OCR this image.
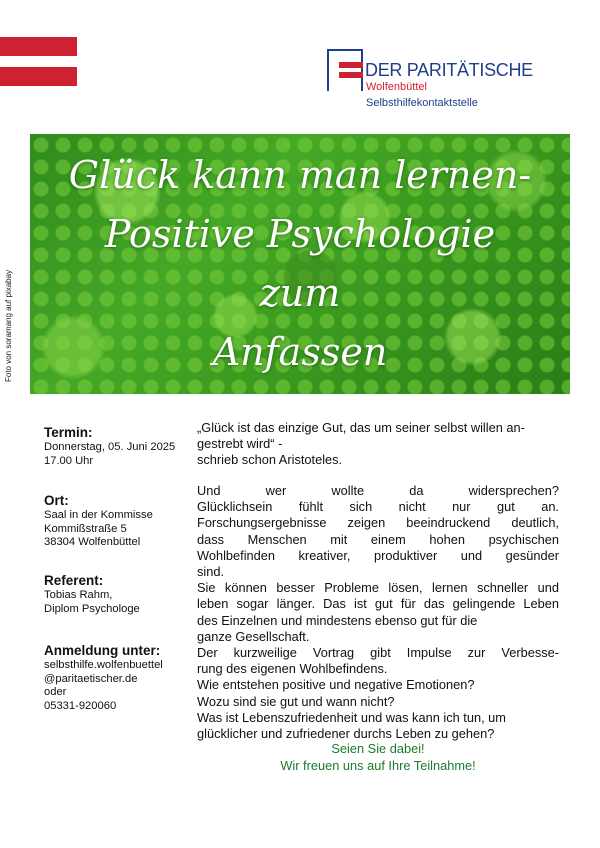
DER PARITÄTISCHE
Wolfenbüttel
Selbsthilfekontaktstelle
Foto von soramang auf pixabay
Glück kann man lernen-
Positive Psychologie
zum
Anfassen
Termin:
Donnerstag, 05. Juni 2025
17.00 Uhr
Ort:
Saal in der Kommisse
Kommißstraße 5
38304 Wolfenbüttel
Referent:
Tobias Rahm,
Diplom Psychologe
Anmeldung unter:
selbsthilfe.wolfenbuettel
@paritaetischer.de
oder
05331-920060
„Glück ist das einzige Gut, das um seiner selbst willen an-
gestrebt wird“ -
schrieb schon Aristoteles.
Und wer wollte da widersprechen?
Glücklichsein fühlt sich nicht nur gut an.
Forschungsergebnisse zeigen beeindruckend deutlich,
dass Menschen mit einem hohen psychischen
Wohlbefinden kreativer, produktiver und gesünder
sind.
Sie können besser Probleme lösen, lernen schneller und
leben sogar länger. Das ist gut für das gelingende Leben
des Einzelnen und mindestens ebenso gut für die
ganze Gesellschaft.
Der kurzweilige Vortrag gibt Impulse zur Verbesse-
rung des eigenen Wohlbefindens.
Wie entstehen positive und negative Emotionen?
Wozu sind sie gut und wann nicht?
Was ist Lebenszufriedenheit und was kann ich tun, um
glücklicher und zufriedener durchs Leben zu gehen?
Seien Sie dabei!
Wir freuen uns auf Ihre Teilnahme!
